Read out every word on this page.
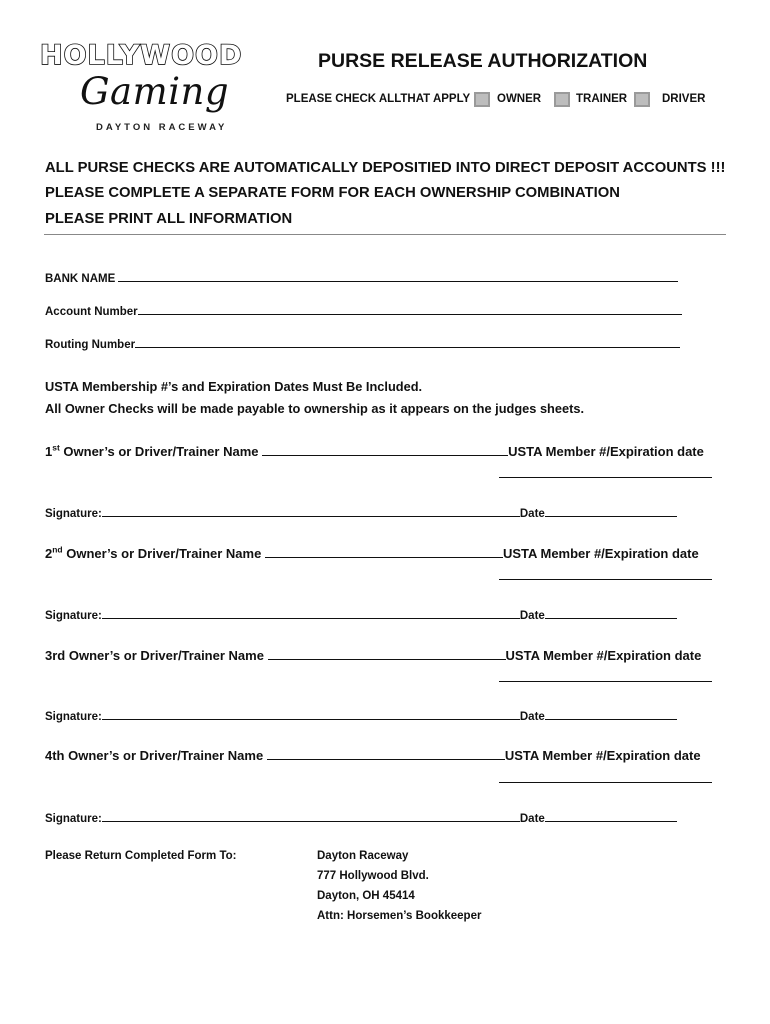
HOLLYWOOD
Gaming
DAYTON RACEWAY
PURSE RELEASE AUTHORIZATION
PLEASE CHECK ALLTHAT APPLY OWNER	TRAINER	DRIVER
ALL PURSE CHECKS ARE AUTOMATICALLY DEPOSITIED INTO DIRECT DEPOSIT ACCOUNTS !!!
PLEASE COMPLETE A SEPARATE FORM FOR EACH OWNERSHIP COMBINATION
PLEASE PRINT ALL INFORMATION
BANK NAME
Account Number
Routing Number
USTA Membership #’s and Expiration Dates Must Be Included.
All Owner Checks will be made payable to ownership as it appears on the judges sheets.
1st Owner’s or Driver/Trainer Name	USTA Member #/Expiration date
Signature:	Date
2nd Owner’s or Driver/Trainer Name	USTA Member #/Expiration date
Signature:	Date
3rd Owner’s or Driver/Trainer Name	USTA Member #/Expiration date
Signature:	Date
4th Owner’s or Driver/Trainer Name	USTA Member #/Expiration date
Signature:	Date
Please Return Completed Form To:	Dayton Raceway
777 Hollywood Blvd.
Dayton, OH 45414
Attn: Horsemen’s Bookkeeper
